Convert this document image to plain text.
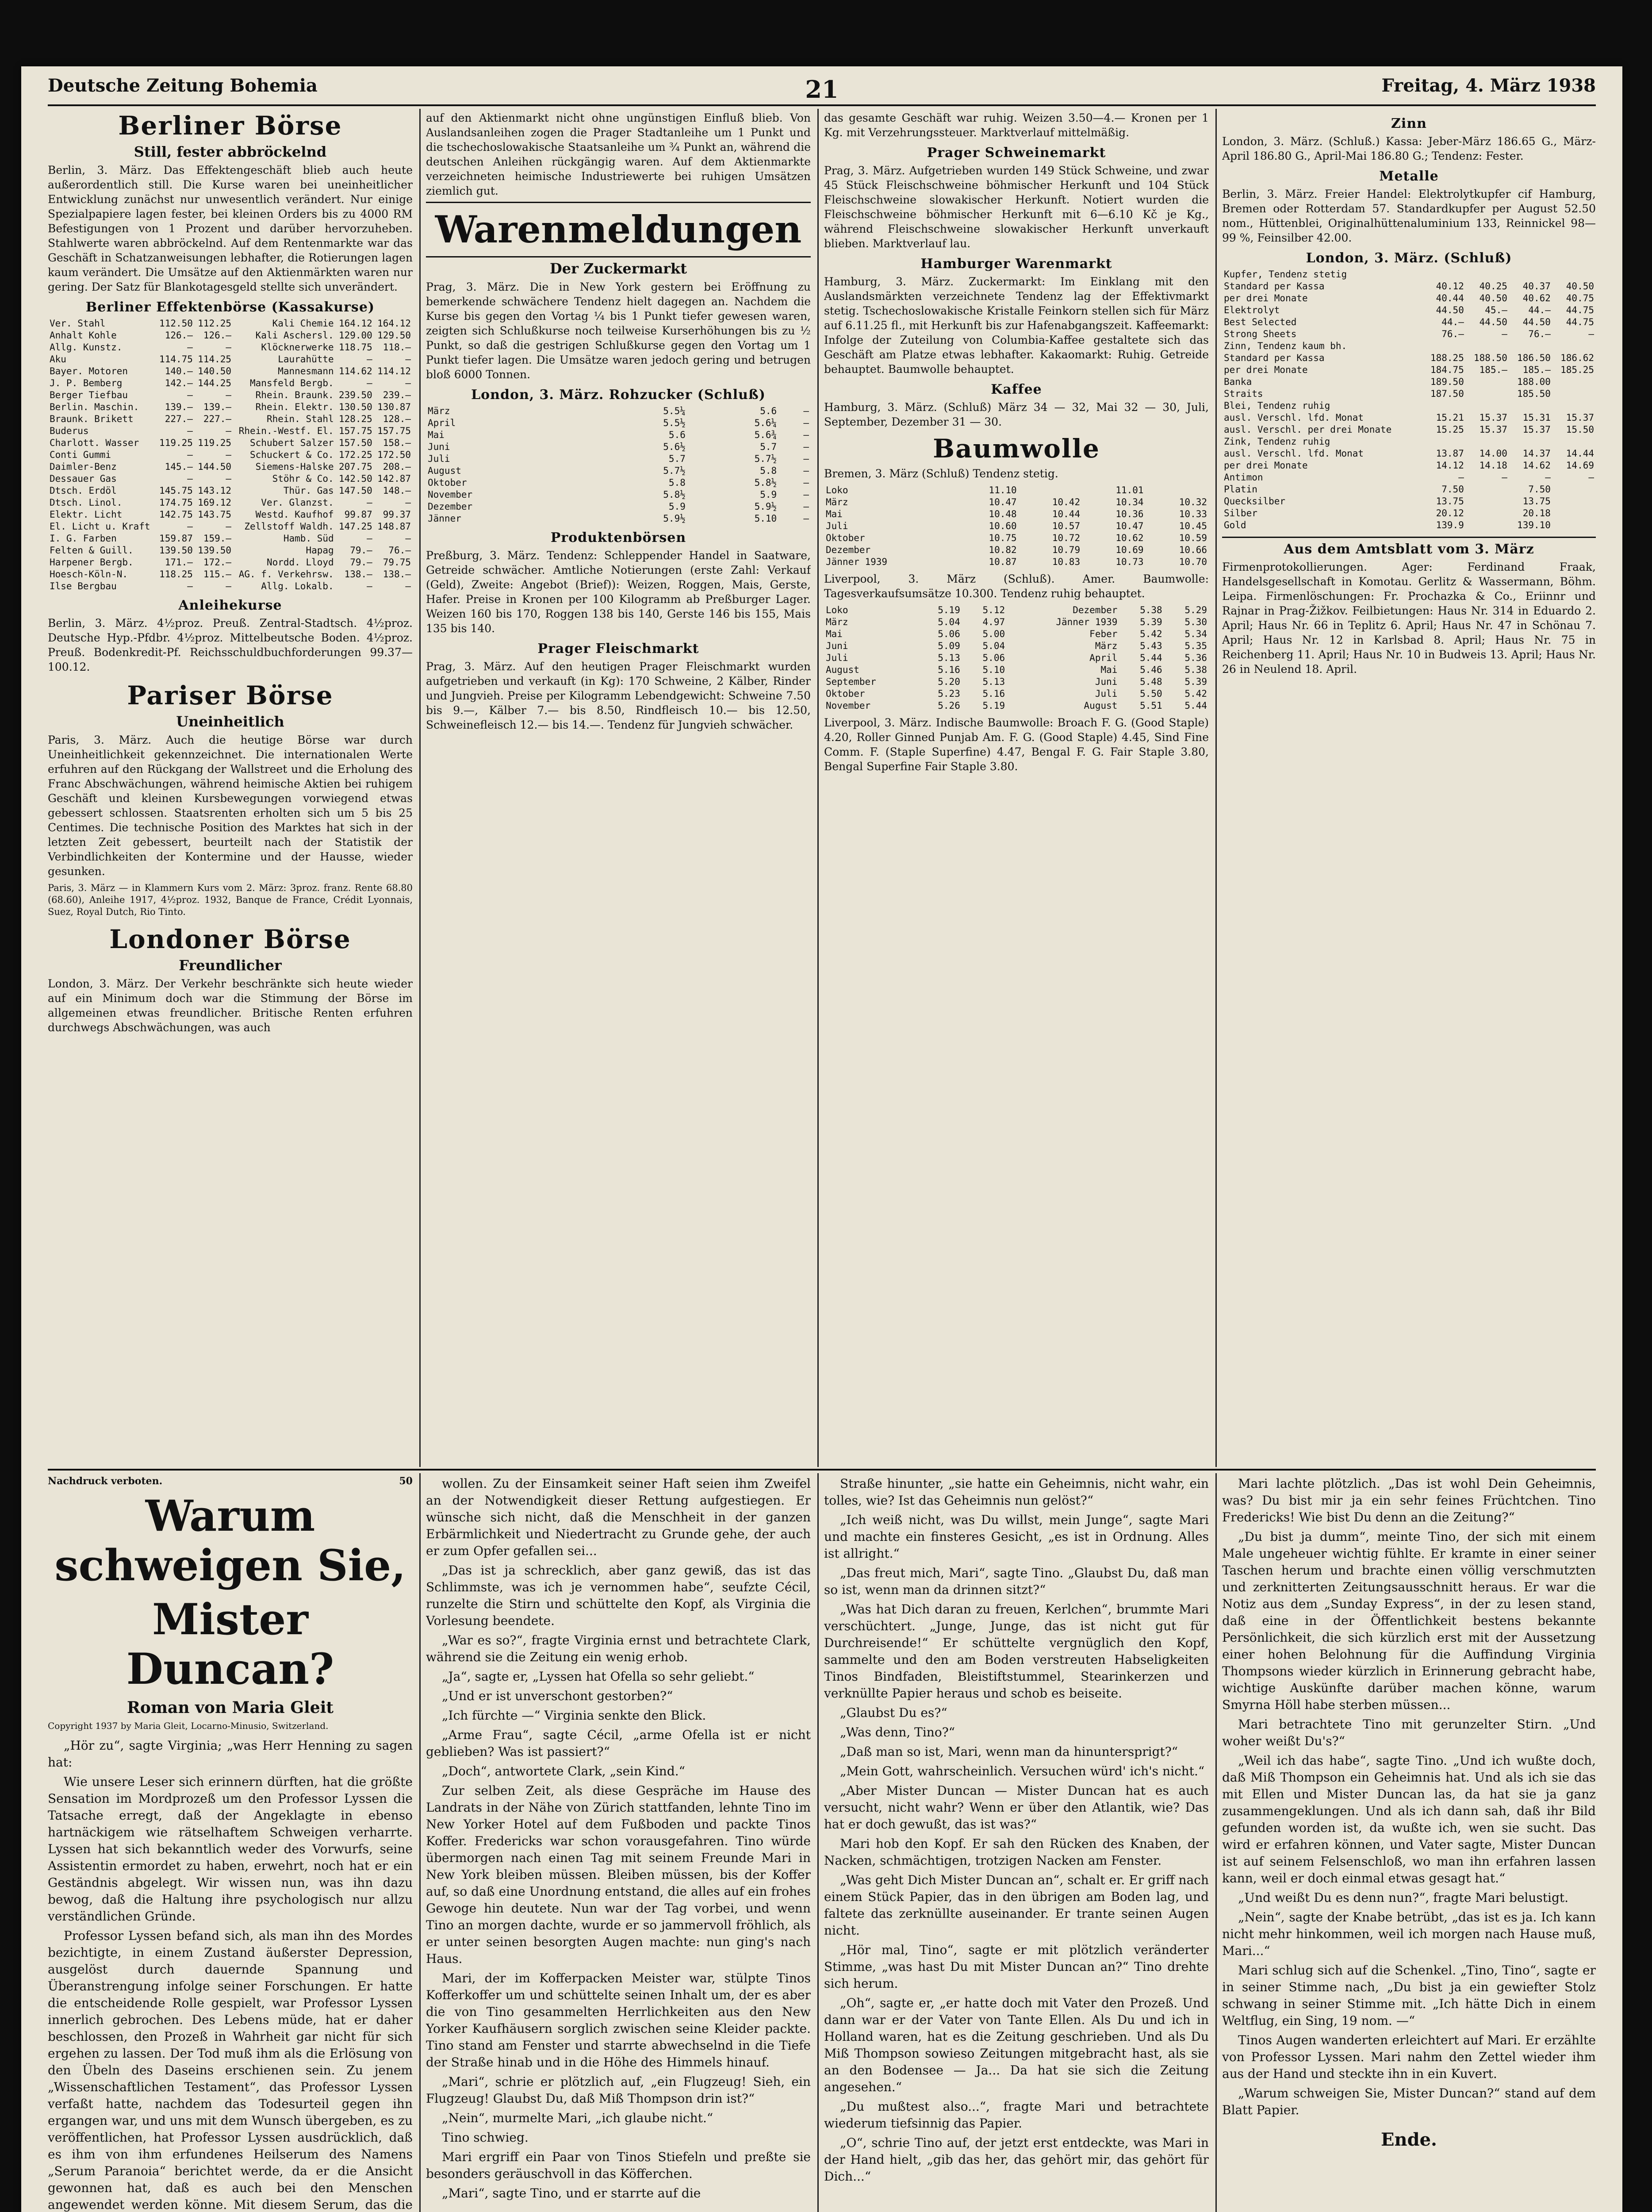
Deutsche Zeitung Bohemia	21	Freitag, 4. März 1938
Berliner Börse
Still, fester abbröckelnd

Berlin, 3. März. Das Effektengeschäft blieb auch heute außerordentlich still. Die Kurse waren bei uneinheitlicher Entwicklung zunächst nur unwesentlich verändert. Nur einige Spezialpapiere lagen fester, bei kleinen Orders bis zu 4000 RM Befestigungen von 1 Prozent und darüber hervorzuheben. Stahlwerte waren abbröckelnd. Auf dem Rentenmarkte war das Geschäft in Schatzanweisungen lebhafter, die Rotierungen lagen kaum verändert. Die Umsätze auf den Aktienmärkten waren nur gering. Der Satz für Blankotagesgeld stellte sich unverändert.

Berliner Effektenbörse (Kassakurse)
Ver. Stahl	112.50	112.25	Kali Chemie	164.12	164.12
Anhalt Kohle	126.—	126.—	Kali Aschersl.	129.00	129.50
Allg. Kunstz.	—	—	Klöcknerwerke	118.75	118.—
Aku	114.75	114.25	Laurahütte	—	—
Bayer. Motoren	140.—	140.50	Mannesmann	114.62	114.12
J. P. Bemberg	142.—	144.25	Mansfeld Bergb.	—	—
Berger Tiefbau	—	—	Rhein. Braunk.	239.50	239.—
Berlin. Maschin.	139.—	139.—	Rhein. Elektr.	130.50	130.87
Braunk. Brikett	227.—	227.—	Rhein. Stahl	128.25	128.—
Buderus	—	—	Rhein.-Westf. El.	157.75	157.75
Charlott. Wasser	119.25	119.25	Schubert Salzer	157.50	158.—
Conti Gummi	—	—	Schuckert & Co.	172.25	172.50
Daimler-Benz	145.—	144.50	Siemens-Halske	207.75	208.—
Dessauer Gas	—	—	Stöhr & Co.	142.50	142.87
Dtsch. Erdöl	145.75	143.12	Thür. Gas	147.50	148.—
Dtsch. Linol.	174.75	169.12	Ver. Glanzst.	—	—
Elektr. Licht	142.75	143.75	Westd. Kaufhof	99.87	99.37
El. Licht u. Kraft	—	—	Zellstoff Waldh.	147.25	148.87
I. G. Farben	159.87	159.—	Hamb. Süd	—	—
Felten & Guill.	139.50	139.50	Hapag	79.—	76.—
Harpener Bergb.	171.—	172.—	Nordd. Lloyd	79.—	79.75
Hoesch-Köln-N.	118.25	115.—	AG. f. Verkehrsw.	138.—	138.—
Ilse Bergbau	—	—	Allg. Lokalb.	—	—
Anleihekurse

Berlin, 3. März. 4½proz. Preuß. Zentral-Stadtsch. 4½proz. Deutsche Hyp.-Pfdbr. 4½proz. Mittelbeutsche Boden. 4½proz. Preuß. Bodenkredit-Pf. Reichsschuldbuchforderungen 99.37—100.12.

Pariser Börse
Uneinheitlich

Paris, 3. März. Auch die heutige Börse war durch Uneinheitlichkeit gekennzeichnet. Die internationalen Werte erfuhren auf den Rückgang der Wallstreet und die Erholung des Franc Abschwächungen, während heimische Aktien bei ruhigem Geschäft und kleinen Kursbewegungen vorwiegend etwas gebessert schlossen. Staatsrenten erholten sich um 5 bis 25 Centimes. Die technische Position des Marktes hat sich in der letzten Zeit gebessert, beurteilt nach der Statistik der Verbindlichkeiten der Kontermine und der Hausse, wieder gesunken.

Paris, 3. März — in Klammern Kurs vom 2. März: 3proz. franz. Rente 68.80 (68.60), Anleihe 1917, 4½proz. 1932, Banque de France, Crédit Lyonnais, Suez, Royal Dutch, Rio Tinto.

Londoner Börse
Freundlicher

London, 3. März. Der Verkehr beschränkte sich heute wieder auf ein Minimum doch war die Stimmung der Börse im allgemeinen etwas freundlicher. Britische Renten erfuhren durchwegs Abschwächungen, was auch

auf den Aktienmarkt nicht ohne ungünstigen Einfluß blieb. Von Auslandsanleihen zogen die Prager Stadtanleihe um 1 Punkt und die tschechoslowakische Staatsanleihe um ¾ Punkt an, während die deutschen Anleihen rückgängig waren. Auf dem Aktienmarkte verzeichneten heimische Industriewerte bei ruhigen Umsätzen ziemlich gut.

Warenmeldungen
Der Zuckermarkt

Prag, 3. März. Die in New York gestern bei Eröffnung zu bemerkende schwächere Tendenz hielt dagegen an. Nachdem die Kurse bis gegen den Vortag ¼ bis 1 Punkt tiefer gewesen waren, zeigten sich Schlußkurse noch teilweise Kurserhöhungen bis zu ½ Punkt, so daß die gestrigen Schlußkurse gegen den Vortag um 1 Punkt tiefer lagen. Die Umsätze waren jedoch gering und betrugen bloß 6000 Tonnen.

London, 3. März. Rohzucker (Schluß)
März	5.5¼	5.6	—
April	5.5½	5.6¼	—
Mai	5.6	5.6¾	—
Juni	5.6½	5.7	—
Juli	5.7	5.7½	—
August	5.7½	5.8	—
Oktober	5.8	5.8½	—
November	5.8½	5.9	—
Dezember	5.9	5.9½	—
Jänner	5.9½	5.10	—
Produktenbörsen

Preßburg, 3. März. Tendenz: Schleppender Handel in Saatware, Getreide schwächer. Amtliche Notierungen (erste Zahl: Verkauf (Geld), Zweite: Angebot (Brief)): Weizen, Roggen, Mais, Gerste, Hafer. Preise in Kronen per 100 Kilogramm ab Preßburger Lager. Weizen 160 bis 170, Roggen 138 bis 140, Gerste 146 bis 155, Mais 135 bis 140.

Prager Fleischmarkt

Prag, 3. März. Auf den heutigen Prager Fleischmarkt wurden aufgetrieben und verkauft (in Kg): 170 Schweine, 2 Kälber, Rinder und Jungvieh. Preise per Kilogramm Lebendgewicht: Schweine 7.50 bis 9.—, Kälber 7.— bis 8.50, Rindfleisch 10.— bis 12.50, Schweinefleisch 12.— bis 14.—. Tendenz für Jungvieh schwächer.

das gesamte Geschäft war ruhig. Weizen 3.50—4.— Kronen per 1 Kg. mit Verzehrungssteuer. Marktverlauf mittelmäßig.

Prager Schweinemarkt

Prag, 3. März. Aufgetrieben wurden 149 Stück Schweine, und zwar 45 Stück Fleischschweine böhmischer Herkunft und 104 Stück Fleischschweine slowakischer Herkunft. Notiert wurden die Fleischschweine böhmischer Herkunft mit 6—6.10 Kč je Kg., während Fleischschweine slowakischer Herkunft unverkauft blieben. Marktverlauf lau.

Hamburger Warenmarkt

Hamburg, 3. März. Zuckermarkt: Im Einklang mit den Auslandsmärkten verzeichnete Tendenz lag der Effektivmarkt stetig. Tschechoslowakische Kristalle Feinkorn stellen sich für März auf 6.11.25 fl., mit Herkunft bis zur Hafenabgangszeit. Kaffeemarkt: Infolge der Zuteilung von Columbia-Kaffee gestaltete sich das Geschäft am Platze etwas lebhafter. Kakaomarkt: Ruhig. Getreide behauptet. Baumwolle behauptet.

Kaffee

Hamburg, 3. März. (Schluß) März 34 — 32, Mai 32 — 30, Juli, September, Dezember 31 — 30.

Baumwolle

Bremen, 3. März (Schluß) Tendenz stetig.

Loko	11.10		11.01	
März	10.47	10.42	10.34	10.32
Mai	10.48	10.44	10.36	10.33
Juli	10.60	10.57	10.47	10.45
Oktober	10.75	10.72	10.62	10.59
Dezember	10.82	10.79	10.69	10.66
Jänner 1939	10.87	10.83	10.73	10.70

Liverpool, 3. März (Schluß). Amer. Baumwolle: Tagesverkaufsumsätze 10.300. Tendenz ruhig behauptet.

Loko	5.19	5.12	Dezember	5.38	5.29
März	5.04	4.97	Jänner 1939	5.39	5.30
Mai	5.06	5.00	Feber	5.42	5.34
Juni	5.09	5.04	März	5.43	5.35
Juli	5.13	5.06	April	5.44	5.36
August	5.16	5.10	Mai	5.46	5.38
September	5.20	5.13	Juni	5.48	5.39
Oktober	5.23	5.16	Juli	5.50	5.42
November	5.26	5.19	August	5.51	5.44

Liverpool, 3. März. Indische Baumwolle: Broach F. G. (Good Staple) 4.20, Roller Ginned Punjab Am. F. G. (Good Staple) 4.45, Sind Fine Comm. F. (Staple Superfine) 4.47, Bengal F. G. Fair Staple 3.80, Bengal Superfine Fair Staple 3.80.

Zinn

London, 3. März. (Schluß.) Kassa: Jeber-März 186.65 G., März-April 186.80 G., April-Mai 186.80 G.; Tendenz: Fester.

Metalle

Berlin, 3. März. Freier Handel: Elektrolytkupfer cif Hamburg, Bremen oder Rotterdam 57. Standardkupfer per August 52.50 nom., Hüttenblei, Originalhüttenaluminium 133, Reinnickel 98—99 %, Feinsilber 42.00.

London, 3. März. (Schluß)
Kupfer, Tendenz stetig				
Standard per Kassa	40.12	40.25	40.37	40.50
per drei Monate	40.44	40.50	40.62	40.75
Elektrolyt	44.50	45.—	44.—	44.75
Best Selected	44.—	44.50	44.50	44.75
Strong Sheets	76.—	—	76.—	—
Zinn, Tendenz kaum bh.				
Standard per Kassa	188.25	188.50	186.50	186.62
per drei Monate	184.75	185.—	185.—	185.25
Banka	189.50		188.00	
Straits	187.50		185.50	
Blei, Tendenz ruhig				
ausl. Verschl. lfd. Monat	15.21	15.37	15.31	15.37
ausl. Verschl. per drei Monate	15.25	15.37	15.37	15.50
Zink, Tendenz ruhig				
ausl. Verschl. lfd. Monat	13.87	14.00	14.37	14.44
per drei Monate	14.12	14.18	14.62	14.69
Antimon	—	—	—	—
Platin	7.50		7.50	
Quecksilber	13.75		13.75	
Silber	20.12		20.18	
Gold	139.9		139.10	
Aus dem Amtsblatt vom 3. März

Firmenprotokollierungen. Ager: Ferdinand Fraak, Handelsgesellschaft in Komotau. Gerlitz & Wassermann, Böhm. Leipa. Firmenlöschungen: Fr. Prochazka & Co., Eriinnr und Rajnar in Prag-Žižkov. Feilbietungen: Haus Nr. 314 in Eduardo 2. April; Haus Nr. 66 in Teplitz 6. April; Haus Nr. 47 in Schönau 7. April; Haus Nr. 12 in Karlsbad 8. April; Haus Nr. 75 in Reichenberg 11. April; Haus Nr. 10 in Budweis 13. April; Haus Nr. 26 in Neulend 18. April.

Nachdruck verboten.	50
Warum schweigen Sie,
Mister Duncan?
Roman von Maria Gleit
Copyright 1937 by Maria Gleit, Locarno-Minusio, Switzerland.

„Hör zu“, sagte Virginia; „was Herr Henning zu sagen hat:

Wie unsere Leser sich erinnern dürften, hat die größte Sensation im Mordprozeß um den Professor Lyssen die Tatsache erregt, daß der Angeklagte in ebenso hartnäckigem wie rätselhaftem Schweigen verharrte. Lyssen hat sich bekanntlich weder des Vorwurfs, seine Assistentin ermordet zu haben, erwehrt, noch hat er ein Geständnis abgelegt. Wir wissen nun, was ihn dazu bewog, daß die Haltung ihre psychologisch nur allzu verständlichen Gründe.

Professor Lyssen befand sich, als man ihn des Mordes bezichtigte, in einem Zustand äußerster Depression, ausgelöst durch dauernde Spannung und Überanstrengung infolge seiner Forschungen. Er hatte die entscheidende Rolle gespielt, war Professor Lyssen innerlich gebrochen. Des Lebens müde, hat er daher beschlossen, den Prozeß in Wahrheit gar nicht für sich ergehen zu lassen. Der Tod muß ihm als die Erlösung von den Übeln des Daseins erschienen sein. Zu jenem „Wissenschaftlichen Testament“, das Professor Lyssen verfaßt hatte, nachdem das Todesurteil gegen ihn ergangen war, und uns mit dem Wunsch übergeben, es zu veröffentlichen, hat Professor Lyssen ausdrücklich, daß es ihm von ihm erfundenes Heilserum des Namens „Serum Paranoia“ berichtet werde, da er die Ansicht gewonnen hat, daß es auch bei den Menschen angewendet werden könne. Mit diesem Serum, das die

wollen. Zu der Einsamkeit seiner Haft seien ihm Zweifel an der Notwendigkeit dieser Rettung aufgestiegen. Er wünsche sich nicht, daß die Menschheit in der ganzen Erbärmlichkeit und Niedertracht zu Grunde gehe, der auch er zum Opfer gefallen sei...

„Das ist ja schrecklich, aber ganz gewiß, das ist das Schlimmste, was ich je vernommen habe“, seufzte Cécil, runzelte die Stirn und schüttelte den Kopf, als Virginia die Vorlesung beendete.

„War es so?“, fragte Virginia ernst und betrachtete Clark, während sie die Zeitung ein wenig erhob.

„Ja“, sagte er, „Lyssen hat Ofella so sehr geliebt.“

„Und er ist unverschont gestorben?“

„Ich fürchte —“ Virginia senkte den Blick.

„Arme Frau“, sagte Cécil, „arme Ofella ist er nicht geblieben? Was ist passiert?“

„Doch“, antwortete Clark, „sein Kind.“

Zur selben Zeit, als diese Gespräche im Hause des Landrats in der Nähe von Zürich stattfanden, lehnte Tino im New Yorker Hotel auf dem Fußboden und packte Tinos Koffer. Fredericks war schon vorausgefahren. Tino würde übermorgen nach einen Tag mit seinem Freunde Mari in New York bleiben müssen. Bleiben müssen, bis der Koffer auf, so daß eine Unordnung entstand, die alles auf ein frohes Gewoge hin deutete. Nun war der Tag vorbei, und wenn Tino an morgen dachte, wurde er so jammervoll fröhlich, als er unter seinen besorgten Augen machte: nun ging's nach Haus.

Mari, der im Kofferpacken Meister war, stülpte Tinos Kofferkoffer um und schüttelte seinen Inhalt um, der es aber die von Tino gesammelten Herrlichkeiten aus den New Yorker Kaufhäusern sorglich zwischen seine Kleider packte. Tino stand am Fenster und starrte abwechselnd in die Tiefe der Straße hinab und in die Höhe des Himmels hinauf.

„Mari“, schrie er plötzlich auf, „ein Flugzeug! Sieh, ein Flugzeug! Glaubst Du, daß Miß Thompson drin ist?“

„Nein“, murmelte Mari, „ich glaube nicht.“

Tino schwieg.

Mari ergriff ein Paar von Tinos Stiefeln und preßte sie besonders geräuschvoll in das Köfferchen.

„Mari“, sagte Tino, und er starrte auf die

Straße hinunter, „sie hatte ein Geheimnis, nicht wahr, ein tolles, wie? Ist das Geheimnis nun gelöst?“

„Ich weiß nicht, was Du willst, mein Junge“, sagte Mari und machte ein finsteres Gesicht, „es ist in Ordnung. Alles ist allright.“

„Das freut mich, Mari“, sagte Tino. „Glaubst Du, daß man so ist, wenn man da drinnen sitzt?“

„Was hat Dich daran zu freuen, Kerlchen“, brummte Mari verschüchtert. „Junge, Junge, das ist nicht gut für Durchreisende!“ Er schüttelte vergnüglich den Kopf, sammelte und den am Boden verstreuten Habseligkeiten Tinos Bindfaden, Bleistiftstummel, Stearinkerzen und verknüllte Papier heraus und schob es beiseite.

„Glaubst Du es?“

„Was denn, Tino?“

„Daß man so ist, Mari, wenn man da hinuntersprigt?“

„Mein Gott, wahrscheinlich. Versuchen würd' ich's nicht.“

„Aber Mister Duncan — Mister Duncan hat es auch versucht, nicht wahr? Wenn er über den Atlantik, wie? Das hat er doch gewußt, das ist was?“

Mari hob den Kopf. Er sah den Rücken des Knaben, der Nacken, schmächtigen, trotzigen Nacken am Fenster.

„Was geht Dich Mister Duncan an“, schalt er. Er griff nach einem Stück Papier, das in den übrigen am Boden lag, und faltete das zerknüllte auseinander. Er trante seinen Augen nicht.

„Hör mal, Tino“, sagte er mit plötzlich veränderter Stimme, „was hast Du mit Mister Duncan an?“ Tino drehte sich herum.

„Oh“, sagte er, „er hatte doch mit Vater den Prozeß. Und dann war er der Vater von Tante Ellen. Als Du und ich in Holland waren, hat es die Zeitung geschrieben. Und als Du Miß Thompson sowieso Zeitungen mitgebracht hast, als sie an den Bodensee — Ja... Da hat sie sich die Zeitung angesehen.“

„Du mußtest also...“, fragte Mari und betrachtete wiederum tiefsinnig das Papier.

„O“, schrie Tino auf, der jetzt erst entdeckte, was Mari in der Hand hielt, „gib das her, das gehört mir, das gehört für Dich...“

Mari lachte plötzlich. „Das ist wohl Dein Geheimnis, was? Du bist mir ja ein sehr feines Früchtchen. Tino Fredericks! Wie bist Du denn an die Zeitung?“

„Du bist ja dumm“, meinte Tino, der sich mit einem Male ungeheuer wichtig fühlte. Er kramte in einer seiner Taschen herum und brachte einen völlig verschmutzten und zerknitterten Zeitungsausschnitt heraus. Er war die Notiz aus dem „Sunday Express“, in der zu lesen stand, daß eine in der Öffentlichkeit bestens bekannte Persönlichkeit, die sich kürzlich erst mit der Aussetzung einer hohen Belohnung für die Auffindung Virginia Thompsons wieder kürzlich in Erinnerung gebracht habe, wichtige Auskünfte darüber machen könne, warum Smyrna Höll habe sterben müssen...

Mari betrachtete Tino mit gerunzelter Stirn. „Und woher weißt Du's?“

„Weil ich das habe“, sagte Tino. „Und ich wußte doch, daß Miß Thompson ein Geheimnis hat. Und als ich sie das mit Ellen und Mister Duncan las, da hat sie ja ganz zusammengeklungen. Und als ich dann sah, daß ihr Bild gefunden worden ist, da wußte ich, wen sie sucht. Das wird er erfahren können, und Vater sagte, Mister Duncan ist auf seinem Felsenschloß, wo man ihn erfahren lassen kann, weil er doch einmal etwas gesagt hat.“

„Und weißt Du es denn nun?“, fragte Mari belustigt.

„Nein“, sagte der Knabe betrübt, „das ist es ja. Ich kann nicht mehr hinkommen, weil ich morgen nach Hause muß, Mari...“

Mari schlug sich auf die Schenkel. „Tino, Tino“, sagte er in seiner Stimme nach, „Du bist ja ein gewiefter Stolz schwang in seiner Stimme mit. „Ich hätte Dich in einem Weltflug, ein Sing, 19 nom. —“

Tinos Augen wanderten erleichtert auf Mari. Er erzählte von Professor Lyssen. Mari nahm den Zettel wieder ihm aus der Hand und steckte ihn in ein Kuvert.

„Warum schweigen Sie, Mister Duncan?“ stand auf dem Blatt Papier.

Ende.
